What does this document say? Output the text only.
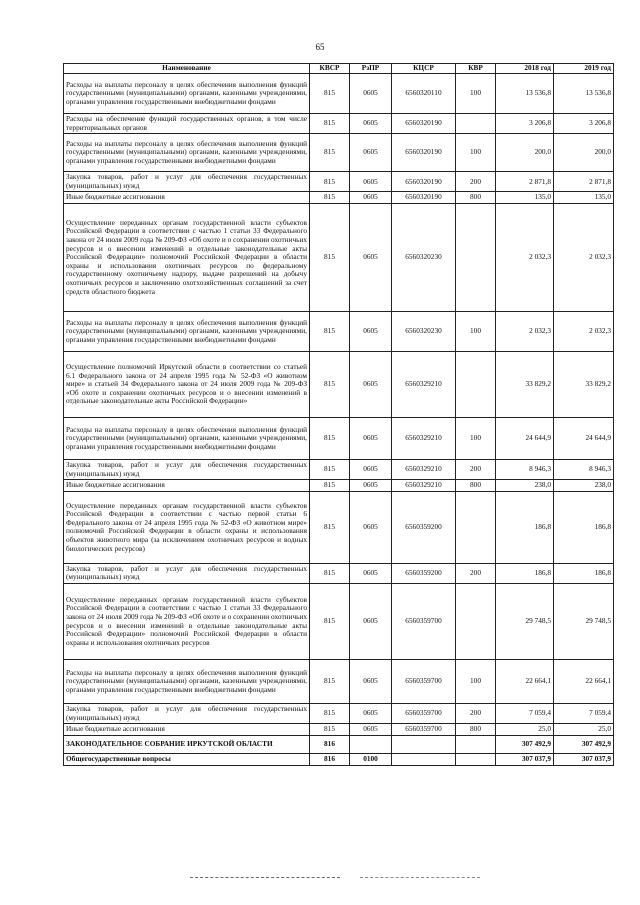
65
Наименование	КВСР	РзПР	КЦСР	КВР	2018 год	2019 год
Расходы на выплаты персоналу в целях обеспечения выполнения функций государственными (муниципальными) органами, казенными учреждениями, органами управления государственными внебюджетными фондами	815	0605	6560320110	100	13 536,8	13 536,8
Расходы на обеспечение функций государственных органов, в том числе территориальных органов	815	0605	6560320190		3 206,8	3 206,8
Расходы на выплаты персоналу в целях обеспечения выполнения функций государственными (муниципальными) органами, казенными учреждениями, органами управления государственными внебюджетными фондами	815	0605	6560320190	100	200,0	200,0
Закупка товаров, работ и услуг для обеспечения государственных (муниципальных) нужд	815	0605	6560320190	200	2 871,8	2 871,8
Иные бюджетные ассигнования	815	0605	6560320190	800	135,0	135,0
Осуществление переданных органам государственной власти субъектов Российской Федерации в соответствии с частью 1 статьи 33 Федерального закона от 24 июля 2009 года № 209-ФЗ «Об охоте и о сохранении охотничьих ресурсов и о внесении изменений в отдельные законодательные акты Российской Федерации» полномочий Российской Федерации в области охраны и использования охотничьих ресурсов по федеральному государственному охотничьему надзору, выдаче разрешений на добычу охотничьих ресурсов и заключению охотхозяйственных соглашений за счет средств областного бюджета	815	0605	6560320230		2 032,3	2 032,3
Расходы на выплаты персоналу в целях обеспечения выполнения функций государственными (муниципальными) органами, казенными учреждениями, органами управления государственными внебюджетными фондами	815	0605	6560320230	100	2 032,3	2 032,3
Осуществление полномочий Иркутской области в соответствии со статьей 6.1 Федерального закона от 24 апреля 1995 года № 52-ФЗ «О животном мире» и статьей 34 Федерального закона от 24 июля 2009 года № 209-ФЗ «Об охоте и сохранении охотничьих ресурсов и о внесении изменений в отдельные законодательные акты Российской Федерации»	815	0605	6560329210		33 829,2	33 829,2
Расходы на выплаты персоналу в целях обеспечения выполнения функций государственными (муниципальными) органами, казенными учреждениями, органами управления государственными внебюджетными фондами	815	0605	6560329210	100	24 644,9	24 644,9
Закупка товаров, работ и услуг для обеспечения государственных (муниципальных) нужд	815	0605	6560329210	200	8 946,3	8 946,3
Иные бюджетные ассигнования	815	0605	6560329210	800	238,0	238,0
Осуществление переданных органам государственной власти субъектов Российской Федерации в соответствии с частью первой статьи 6 Федерального закона от 24 апреля 1995 года № 52-ФЗ «О животном мире» полномочий Российской Федерации в области охраны и использования объектов животного мира (за исключением охотничьих ресурсов и водных биологических ресурсов)	815	0605	6560359200		186,8	186,8
Закупка товаров, работ и услуг для обеспечения государственных (муниципальных) нужд	815	0605	6560359200	200	186,8	186,8
Осуществление переданных органам государственной власти субъектов Российской Федерации в соответствии с частью 1 статьи 33 Федерального закона от 24 июля 2009 года № 209-ФЗ «Об охоте и о сохранении охотничьих ресурсов и о внесении изменений в отдельные законодательные акты Российской Федерации» полномочий Российской Федерации в области охраны и использования охотничьих ресурсов	815	0605	6560359700		29 748,5	29 748,5
Расходы на выплаты персоналу в целях обеспечения выполнения функций государственными (муниципальными) органами, казенными учреждениями, органами управления государственными внебюджетными фондами	815	0605	6560359700	100	22 664,1	22 664,1
Закупка товаров, работ и услуг для обеспечения государственных (муниципальных) нужд	815	0605	6560359700	200	7 059,4	7 059,4
Иные бюджетные ассигнования	815	0605	6560359700	800	25,0	25,0
ЗАКОНОДАТЕЛЬНОЕ СОБРАНИЕ ИРКУТСКОЙ ОБЛАСТИ	816				307 492,9	307 492,9
Общегосударственные вопросы	816	0100			307 037,9	307 037,9
